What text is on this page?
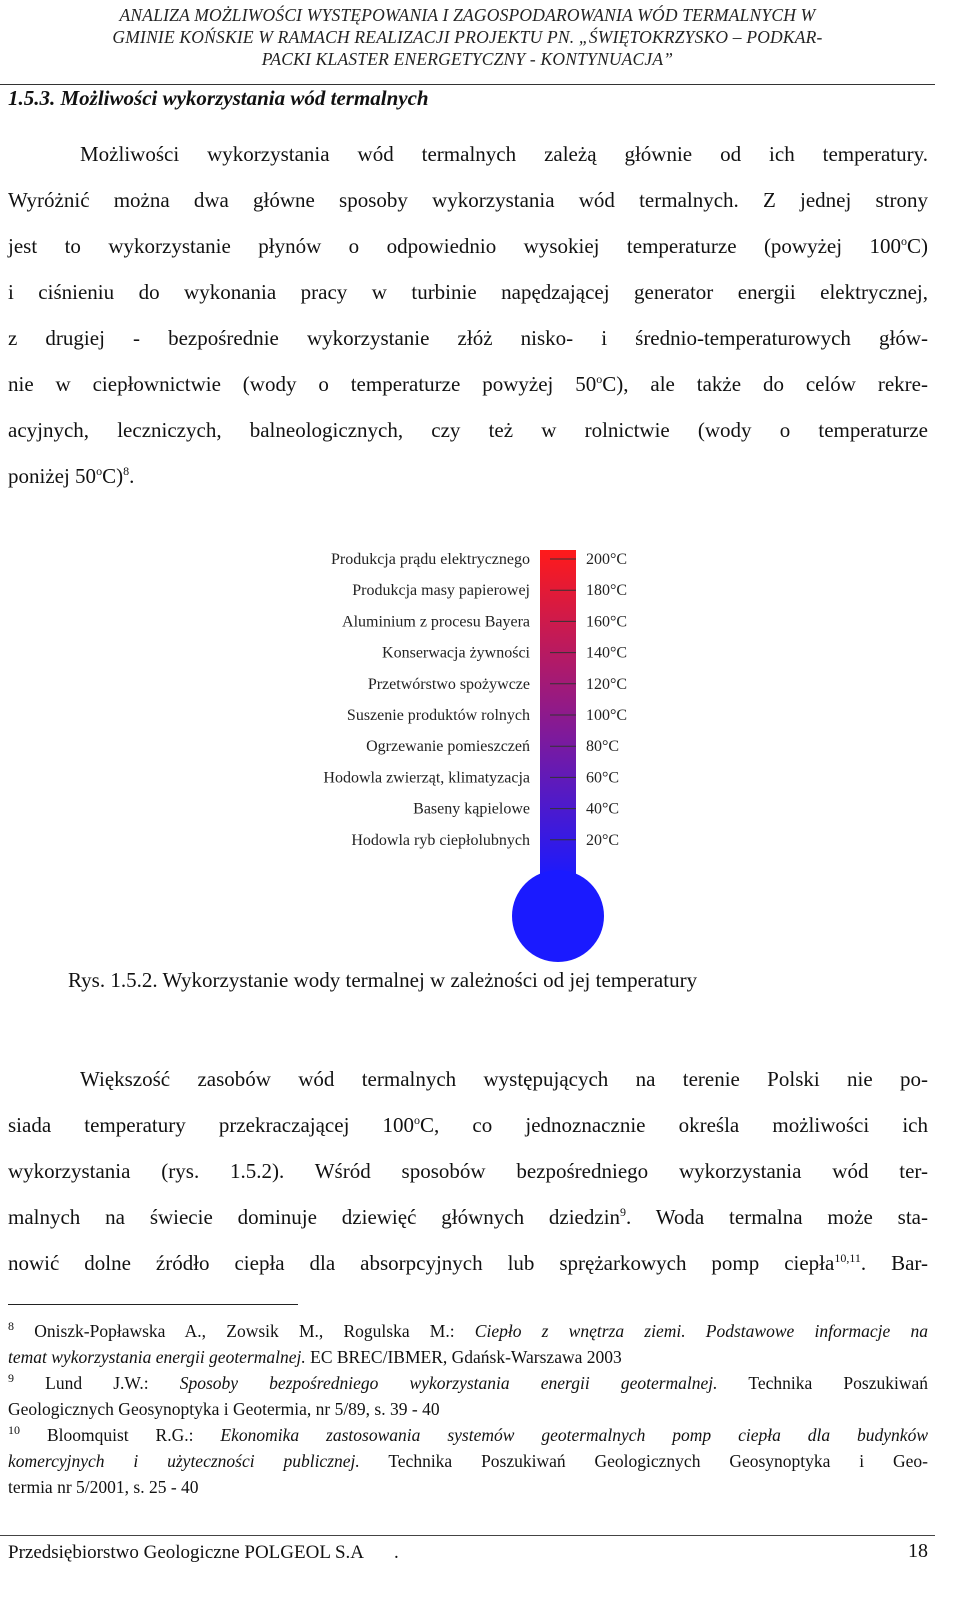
ANALIZA MOŻLIWOŚCI WYSTĘPOWANIA I ZAGOSPODAROWANIA WÓD TERMALNYCH W
GMINIE KOŃSKIE W RAMACH REALIZACJI PROJEKTU PN. „ŚWIĘTOKRZYSKO – PODKAR-
PACKI KLASTER ENERGETYCZNY - KONTYNUACJA”
1.5.3. Możliwości wykorzystania wód termalnych
Możliwości wykorzystania wód termalnych zależą głównie od ich temperatury.
Wyróżnić można dwa główne sposoby wykorzystania wód termalnych. Z jednej strony
jest to wykorzystanie płynów o odpowiednio wysokiej temperaturze (powyżej 100$^o$C)
i ciśnieniu do wykonania pracy w turbinie napędzającej generator energii elektrycznej,
z drugiej - bezpośrednie wykorzystanie złóż nisko- i średnio-temperaturowych głów-
nie w ciepłownictwie (wody o temperaturze powyżej 50$^o$C), ale także do celów rekre-
acyjnych, leczniczych, balneologicznych, czy też w rolnictwie (wody o temperaturze
poniżej 50$^o$C)$^8$.
Produkcja prądu elektrycznego	200°C
Produkcja masy papierowej	180°C
Aluminium z procesu Bayera	160°C
Konserwacja żywności	140°C
Przetwórstwo spożywcze	120°C
Suszenie produktów rolnych	100°C
Ogrzewanie pomieszczeń	80°C
Hodowla zwierząt, klimatyzacja	60°C
Baseny kąpielowe	40°C
Hodowla ryb ciepłolubnych	20°C
Rys. 1.5.2. Wykorzystanie wody termalnej w zależności od jej temperatury
Większość zasobów wód termalnych występujących na terenie Polski nie po-
siada temperatury przekraczającej 100$^o$C, co jednoznacznie określa możliwości ich
wykorzystania (rys. 1.5.2). Wśród sposobów bezpośredniego wykorzystania wód ter-
malnych na świecie dominuje dziewięć głównych dziedzin$^9$. Woda termalna może sta-
nowić dolne źródło ciepła dla absorpcyjnych lub sprężarkowych pomp ciepła$^{10,11}$. Bar-
$^8$ Oniszk-Popławska A., Zowsik M., Rogulska M.: Ciepło z wnętrza ziemi. Podstawowe informacje na
temat wykorzystania energii geotermalnej. EC BREC/IBMER, Gdańsk-Warszawa 2003
$^9$ Lund J.W.: Sposoby bezpośredniego wykorzystania energii geotermalnej. Technika Poszukiwań
Geologicznych Geosynoptyka i Geotermia, nr 5/89, s. 39 - 40
$^{10}$ Bloomquist R.G.: Ekonomika zastosowania systemów geotermalnych pomp ciepła dla budynków
komercyjnych i użyteczności publicznej. Technika Poszukiwań Geologicznych Geosynoptyka i Geo-
termia nr 5/2001, s. 25 - 40
Przedsiębiorstwo Geologiczne POLGEOL S.A .	18
